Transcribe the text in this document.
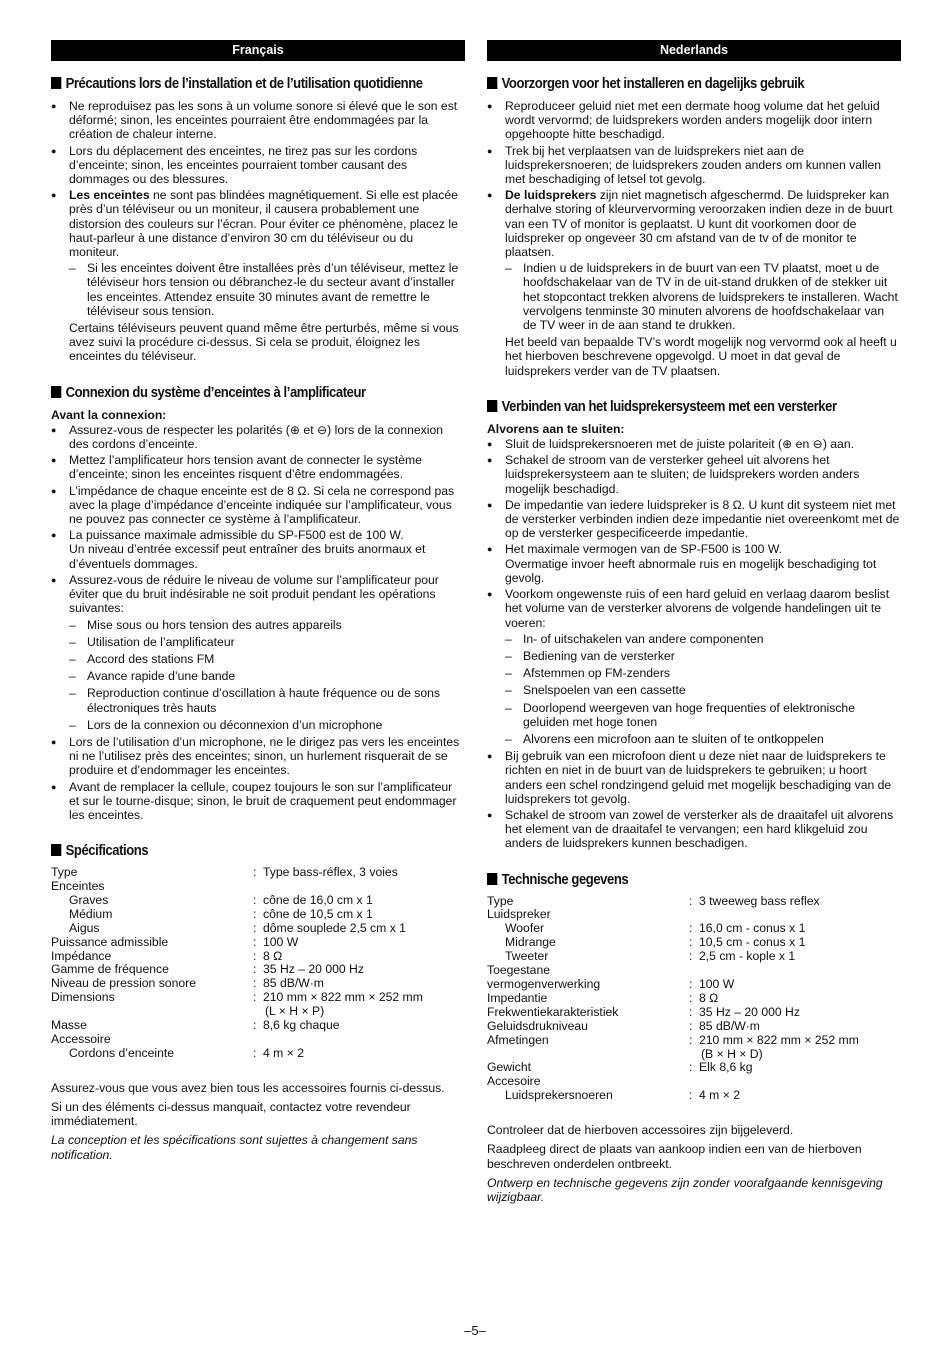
Français
Précautions lors de l’installation et de l’utilisation quotidienne
● Ne reproduisez pas les sons à un volume sonore si élevé que le son est déformé; sinon, les enceintes pourraient être endommagées par la création de chaleur interne.
● Lors du déplacement des enceintes, ne tirez pas sur les cordons d’enceinte; sinon, les enceintes pourraient tomber causant des dommages ou des blessures.
● Les enceintes ne sont pas blindées magnétiquement. Si elle est placée près d’un téléviseur ou un moniteur, il causera probablement une distorsion des couleurs sur l’écran. Pour éviter ce phénomène, placez le haut-parleur à une distance d’environ 30 cm du téléviseur ou du moniteur.
– Si les enceintes doivent être installées près d’un téléviseur, mettez le téléviseur hors tension ou débranchez-le du secteur avant d’installer les enceintes. Attendez ensuite 30 minutes avant de remettre le téléviseur sous tension.
Certains téléviseurs peuvent quand même être perturbés, même si vous avez suivi la procédure ci-dessus. Si cela se produit, éloignez les enceintes du téléviseur.
Connexion du système d’enceintes à l’amplificateur
Avant la connexion:
● Assurez-vous de respecter les polarités (⊕ et ⊖) lors de la connexion des cordons d’enceinte.
● Mettez l’amplificateur hors tension avant de connecter le système d’enceinte; sinon les enceintes risquent d’être endommagées.
● L’impédance de chaque enceinte est de 8 Ω. Si cela ne correspond pas avec la plage d’impédance d’enceinte indiquée sur l’amplificateur, vous ne pouvez pas connecter ce système à l’amplificateur.
● La puissance maximale admissible du SP-F500 est de 100 W.
Un niveau d’entrée excessif peut entraîner des bruits anormaux et d’éventuels dommages.
● Assurez-vous de réduire le niveau de volume sur l’amplificateur pour éviter que du bruit indésirable ne soit produit pendant les opérations suivantes:
– Mise sous ou hors tension des autres appareils
– Utilisation de l’amplificateur
– Accord des stations FM
– Avance rapide d’une bande
– Reproduction continue d’oscillation à haute fréquence ou de sons électroniques très hauts
– Lors de la connexion ou déconnexion d’un microphone
● Lors de l’utilisation d’un microphone, ne le dirigez pas vers les enceintes ni ne l’utilisez près des enceintes; sinon, un hurlement risquerait de se produire et d’endommager les enceintes.
● Avant de remplacer la cellule, coupez toujours le son sur l’amplificateur et sur le tourne-disque; sinon, le bruit de craquement peut endommager les enceintes.
Spécifications
Type	:	Type bass-réflex, 3 voies
Enceintes		
Graves	:	cône de 16,0 cm x 1
Médium	:	cône de 10,5 cm x 1
Aigus	:	dôme souplede 2,5 cm x 1
Puissance admissible	:	100 W
Impédance	:	8 Ω
Gamme de fréquence	:	35 Hz – 20 000 Hz
Niveau de pression sonore	:	85 dB/W·m
Dimensions	:	210 mm × 822 mm × 252 mm
		(L × H × P)
Masse	:	8,6 kg chaque
Accessoire		
Cordons d’enceinte	:	4 m × 2
Assurez-vous que vous avez bien tous les accessoires fournis ci-dessus.
Si un des éléments ci-dessus manquait, contactez votre revendeur immédiatement.
La conception et les spécifications sont sujettes à changement sans notification.
Nederlands
Voorzorgen voor het installeren en dagelijks gebruik
● Reproduceer geluid niet met een dermate hoog volume dat het geluid wordt vervormd; de luidsprekers worden anders mogelijk door intern opgehoopte hitte beschadigd.
● Trek bij het verplaatsen van de luidsprekers niet aan de luidsprekersnoeren; de luidsprekers zouden anders om kunnen vallen met beschadiging of letsel tot gevolg.
● De luidsprekers zijn niet magnetisch afgeschermd. De luidspreker kan derhalve storing of kleurvervorming veroorzaken indien deze in de buurt van een TV of monitor is geplaatst. U kunt dit voorkomen door de luidspreker op ongeveer 30 cm afstand van de tv of de monitor te plaatsen.
– Indien u de luidsprekers in de buurt van een TV plaatst, moet u de hoofdschakelaar van de TV in de uit-stand drukken of de stekker uit het stopcontact trekken alvorens de luidsprekers te installeren. Wacht vervolgens tenminste 30 minuten alvorens de hoofdschakelaar van de TV weer in de aan stand te drukken.
Het beeld van bepaalde TV’s wordt mogelijk nog vervormd ook al heeft u het hierboven beschrevene opgevolgd. U moet in dat geval de luidsprekers verder van de TV plaatsen.
Verbinden van het luidsprekersysteem met een versterker
Alvorens aan te sluiten:
● Sluit de luidsprekersnoeren met de juiste polariteit (⊕ en ⊖) aan.
● Schakel de stroom van de versterker geheel uit alvorens het luidsprekersysteem aan te sluiten; de luidsprekers worden anders mogelijk beschadigd.
● De impedantie van iedere luidspreker is 8 Ω. U kunt dit systeem niet met de versterker verbinden indien deze impedantie niet overeenkomt met de op de versterker gespecificeerde impedantie.
● Het maximale vermogen van de SP-F500 is 100 W.
Overmatige invoer heeft abnormale ruis en mogelijk beschadiging tot gevolg.
● Voorkom ongewenste ruis of een hard geluid en verlaag daarom beslist het volume van de versterker alvorens de volgende handelingen uit te voeren:
– In- of uitschakelen van andere componenten
– Bediening van de versterker
– Afstemmen op FM-zenders
– Snelspoelen van een cassette
– Doorlopend weergeven van hoge frequenties of elektronische geluiden met hoge tonen
– Alvorens een microfoon aan te sluiten of te ontkoppelen
● Bij gebruik van een microfoon dient u deze niet naar de luidsprekers te richten en niet in de buurt van de luidsprekers te gebruiken; u hoort anders een schel rondzingend geluid met mogelijk beschadiging van de luidsprekers tot gevolg.
● Schakel de stroom van zowel de versterker als de draaitafel uit alvorens het element van de draaitafel te vervangen; een hard klikgeluid zou anders de luidsprekers kunnen beschadigen.
Technische gegevens
Type	:	3 tweeweg bass reflex
Luidspreker		
Woofer	:	16,0 cm - conus x 1
Midrange	:	10,5 cm - conus x 1
Tweeter	:	2,5 cm - kople x 1
Toegestane		
vermogenverwerking	:	100 W
Impedantie	:	8 Ω
Frekwentiekarakteristiek	:	35 Hz – 20 000 Hz
Geluidsdrukniveau	:	85 dB/W·m
Afmetingen	:	210 mm × 822 mm × 252 mm
		(B × H × D)
Gewicht	:	Elk 8,6 kg
Accesoire		
Luidsprekersnoeren	:	4 m × 2
Controleer dat de hierboven accessoires zijn bijgeleverd.
Raadpleeg direct de plaats van aankoop indien een van de hierboven beschreven onderdelen ontbreekt.
Ontwerp en technische gegevens zijn zonder voorafgaande kennisgeving wijzigbaar.
–5–
